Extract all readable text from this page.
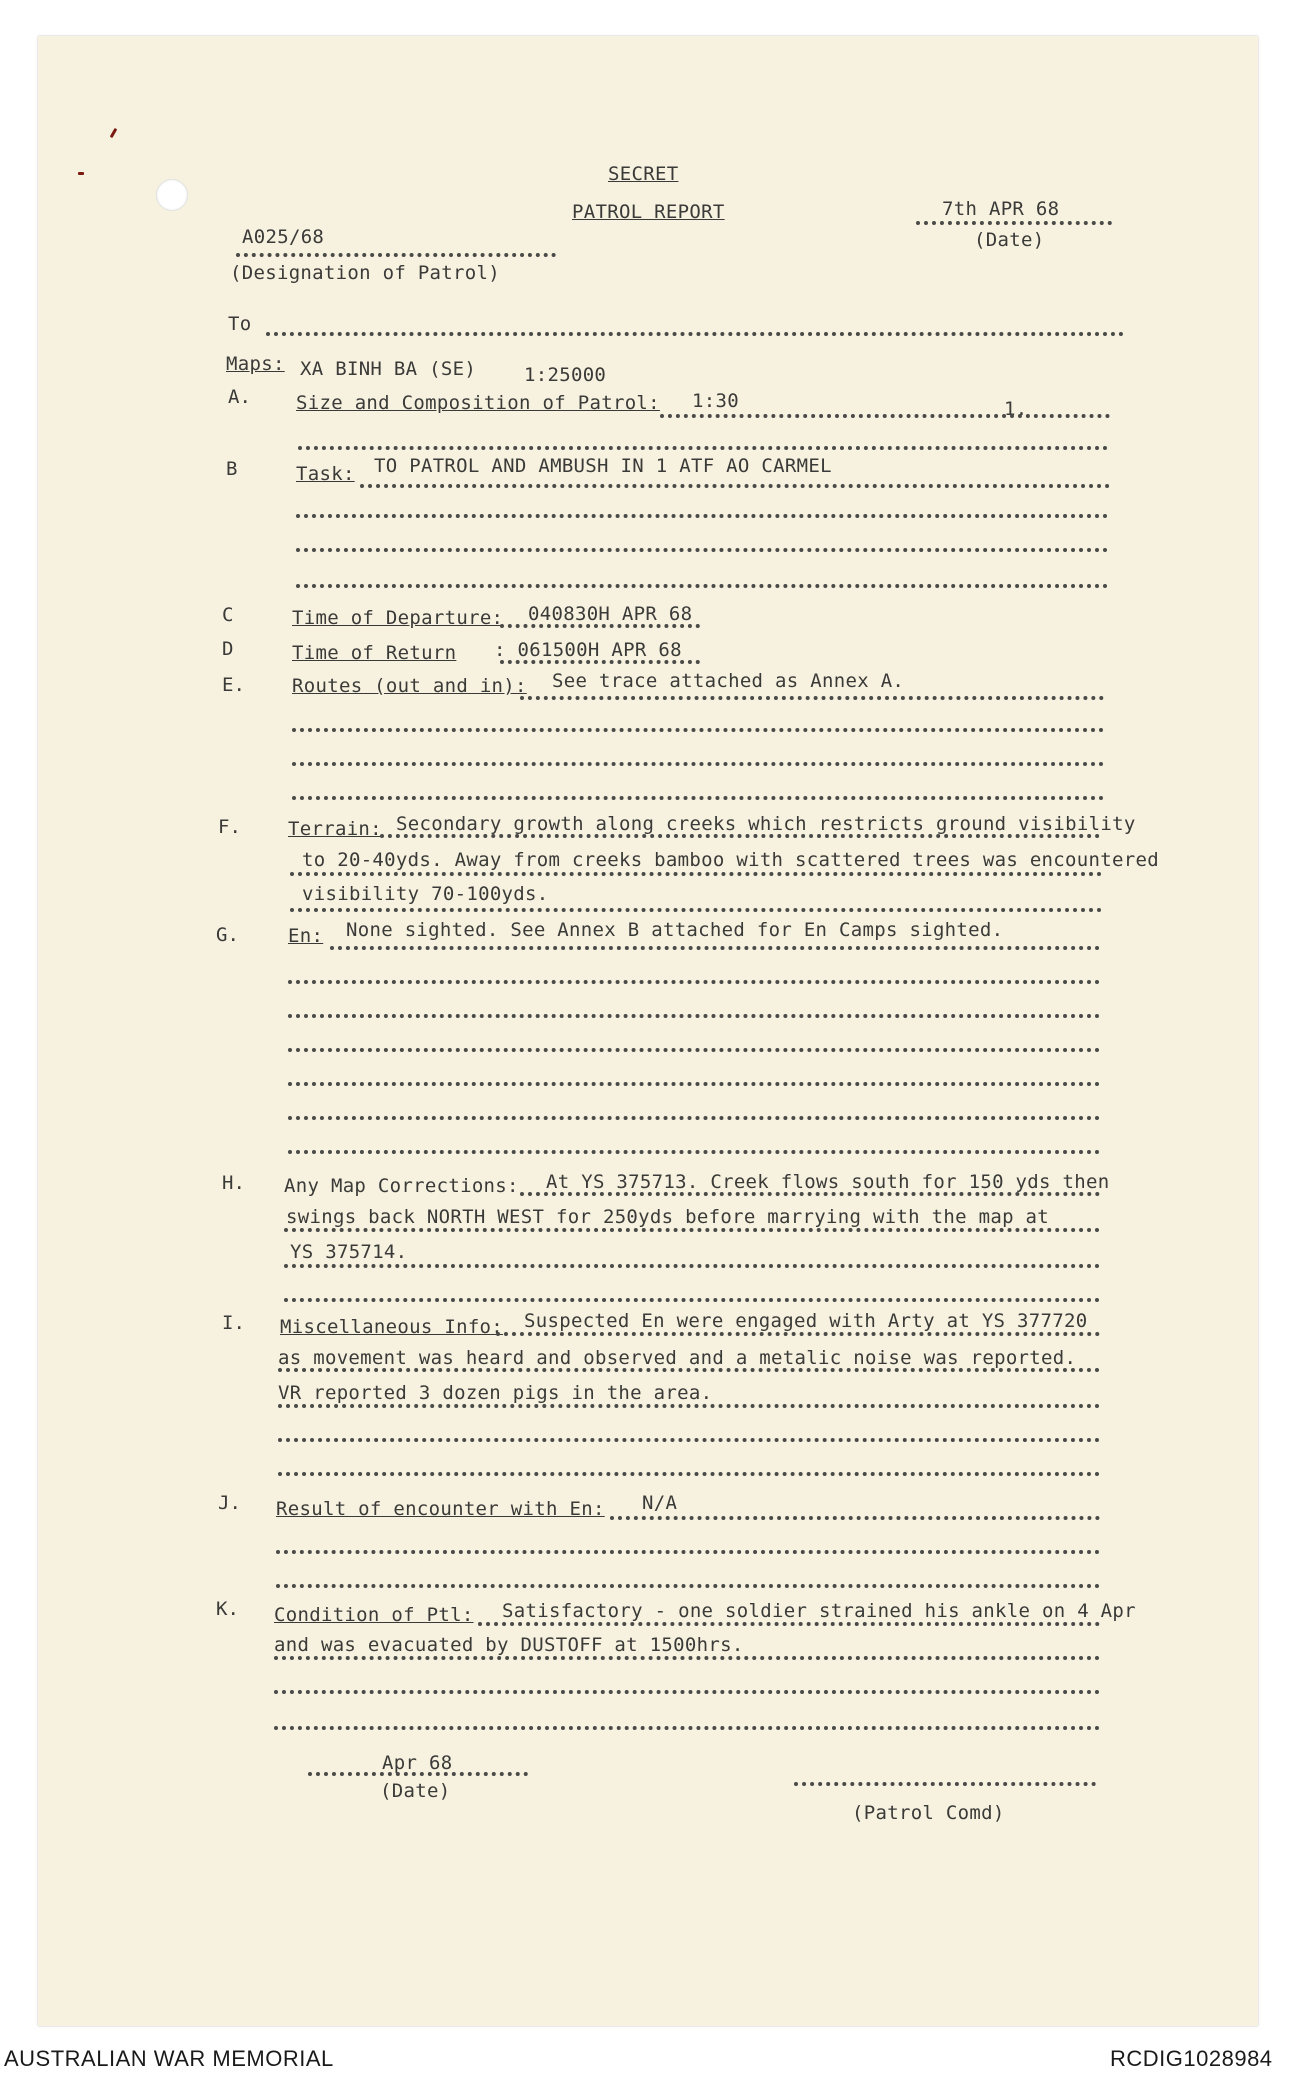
SECRET
PATROL REPORT	7th APR 68
(Date)
A025/68
(Designation of Patrol)
To
Maps: XA BINH BA (SE)	1:25000
A. Size and Composition of Patrol: 1:30	1.
B	Task: TO PATROL AND AMBUSH IN 1 ATF AO CARMEL
C	Time of Departure: 040830H APR 68
D	Time of Return : 061500H APR 68
E. Routes (out and in): See trace attached as Annex A.
F. Terrain: Secondary growth along creeks which restricts ground visibility
to 20-40yds. Away from creeks bamboo with scattered trees was encountered
visibility 70-100yds.
G.	En: None sighted. See Annex B attached for En Camps sighted.
H. Any Map Corrections: At YS 375713. Creek flows south for 150 yds then
swings back NORTH WEST for 250yds before marrying with the map at
YS 375714.
I. Miscellaneous Info: Suspected En were engaged with Arty at YS 377720
as movement was heard and observed and a metalic noise was reported.
VR reported 3 dozen pigs in the area.
J. Result of encounter with En: N/A
K. Condition of Ptl: Satisfactory - one soldier strained his ankle on 4 Apr
and was evacuated by DUSTOFF at 1500hrs.
Apr 68
(Date)
(Patrol Comd)
AUSTRALIAN WAR MEMORIAL	RCDIG1028984
